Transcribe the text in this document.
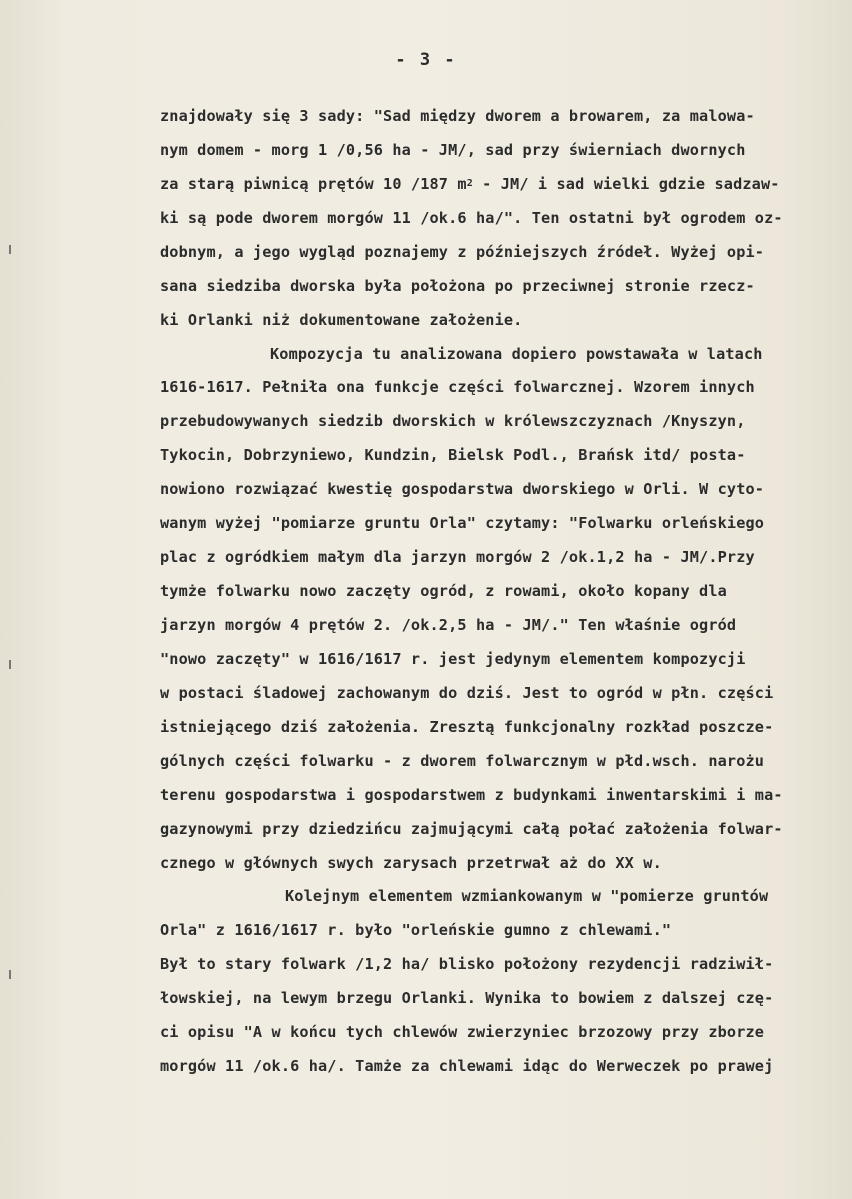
- 3 -
znajdowały się 3 sady: "Sad między dworem a browarem, za malowa-
nym domem - morg 1 /0,56 ha - JM/, sad przy świerniach dwornych
za starą piwnicą prętów 10 /187 $m^2 - JM/$ i sad wielki gdzie sadzaw-
ki są pode dworem morgów 11 /ok.6 ha/". Ten ostatni był ogrodem oz-
dobnym, a jego wygląd poznajemy z późniejszych źródeł. Wyżej opi-
sana siedziba dworska była położona po przeciwnej stronie rzecz-
ki Orlanki niż dokumentowane założenie.
Kompozycja tu analizowana dopiero powstawała w latach
1616-1617. Pełniła ona funkcje części folwarcznej. Wzorem innych
przebudowywanych siedzib dworskich w królewszczyznach /Knyszyn,
Tykocin, Dobrzyniewo, Kundzin, Bielsk Podl., Brańsk itd/ posta-
nowiono rozwiązać kwestię gospodarstwa dworskiego w Orli. W cyto-
wanym wyżej "pomiarze gruntu Orla" czytamy: "Folwarku orleńskiego
plac z ogródkiem małym dla jarzyn morgów 2 /ok.1,2 ha - JM/.Przy
tymże folwarku nowo zaczęty ogród, z rowami, około kopany dla
jarzyn morgów 4 prętów 2. /ok.2,5 ha - JM/." Ten właśnie ogród
"nowo zaczęty" w 1616/1617 r. jest jedynym elementem kompozycji
w postaci śladowej zachowanym do dziś. Jest to ogród w płn. części
istniejącego dziś założenia. Zresztą funkcjonalny rozkład poszcze-
gólnych części folwarku - z dworem folwarcznym w płd.wsch. narożu
terenu gospodarstwa i gospodarstwem z budynkami inwentarskimi i ma-
gazynowymi przy dziedzińcu zajmującymi całą połać założenia folwar-
cznego w głównych swych zarysach przetrwał aż do XX w.
Kolejnym elementem wzmiankowanym w "pomierze gruntów
Orla" z 1616/1617 r. było "orleńskie gumno z chlewami."
Był to stary folwark /1,2 ha/ blisko położony rezydencji radziwił-
łowskiej, na lewym brzegu Orlanki. Wynika to bowiem z dalszej czę-
ci opisu "A w końcu tych chlewów zwierzyniec brzozowy przy zborze
morgów 11 /ok.6 ha/. Tamże za chlewami idąc do Werweczek po prawej
